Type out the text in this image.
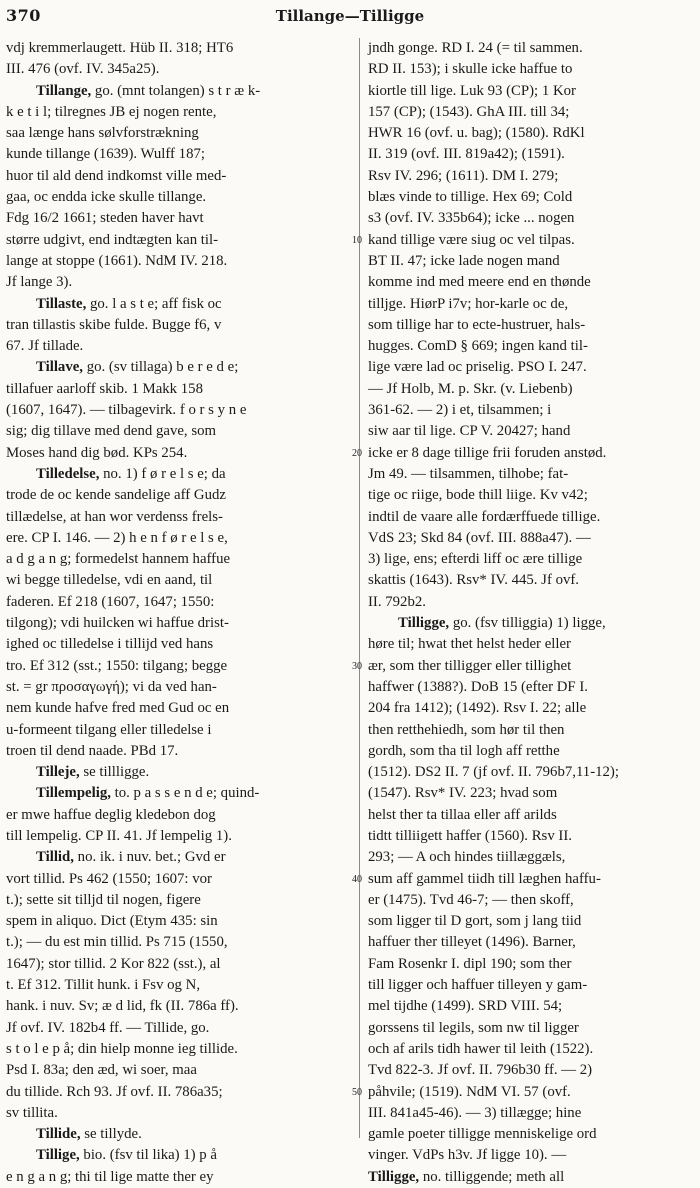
370	Tillange—Tilligge
vdj kremmerlaugett. Hüb II. 318; HT6
III. 476 (ovf. IV. 345a25).
Tillange, go. (mnt tolangen) s t r æ k-
k e t i l; tilregnes JB ej nogen rente,
saa længe hans sølvforstrækning
kunde tillange (1639). Wulff 187;
huor til ald dend indkomst ville med-
gaa, oc endda icke skulle tillange.
Fdg 16/2 1661; steden haver havt
større udgivt, end indtægten kan til-
lange at stoppe (1661). NdM IV. 218.
Jf lange 3).
Tillaste, go. l a s t e; aff fisk oc
tran tillastis skibe fulde. Bugge f6, v
67. Jf tillade.
Tillave, go. (sv tillaga) b e r e d e;
tillafuer aarloff skib. 1 Makk 158
(1607, 1647). — tilbagevirk. f o r s y n e
sig; dig tillave med dend gave, som
Moses hand dig bød. KPs 254.
Tilledelse, no. 1) f ø r e l s e; da
trode de oc kende sandelige aff Gudz
tillædelse, at han wor verdenss frels-
ere. CP I. 146. — 2) h e n f ø r e l s e,
a d g a n g; formedelst hannem haffue
wi begge tilledelse, vdi en aand, til
faderen. Ef 218 (1607, 1647; 1550:
tilgong); vdi huilcken wi haffue drist-
ighed oc tilledelse i tillijd ved hans
tro. Ef 312 (sst.; 1550: tilgang; begge
st. = gr προσαγωγή); vi da ved han-
nem kunde hafve fred med Gud oc en
u-formeent tilgang eller tilledelse i
troen til dend naade. PBd 17.
Tilleje, se tillligge.
Tillempelig, to. p a s s e n d e; quind-
er mwe haffue deglig kledebon dog
till lempelig. CP II. 41. Jf lempelig 1).
Tillid, no. ik. i nuv. bet.; Gvd er
vort tillid. Ps 462 (1550; 1607: vor
t.); sette sit tilljd til nogen, figere
spem in aliquo. Dict (Etym 435: sin
t.); — du est min tillid. Ps 715 (1550,
1647); stor tillid. 2 Kor 822 (sst.), al
t. Ef 312. Tillit hunk. i Fsv og N,
hank. i nuv. Sv; æ d lid, fk (II. 786a ff).
Jf ovf. IV. 182b4 ff. — Tillide, go.
s t o l e p å; din hielp monne ieg tillide.
Psd I. 83a; den æd, wi soer, maa
du tillide. Rch 93. Jf ovf. II. 786a35;
sv tillita.
Tillide, se tillyde.
Tillige, bio. (fsv til lika) 1) p å
e n g a n g; thi til lige matte ther ey
jndh gonge. RD I. 24 (= til sammen.
RD II. 153); i skulle icke haffue to
kiortle till lige. Luk 93 (CP); 1 Kor
157 (CP); (1543). GhA III. till 34;
HWR 16 (ovf. u. bag); (1580). RdKl
II. 319 (ovf. III. 819a42); (1591).
Rsv IV. 296; (1611). DM I. 279;
blæs vinde to tillige. Hex 69; Cold
s3 (ovf. IV. 335b64); icke ... nogen
kand tillige være siug oc vel tilpas.
BT II. 47; icke lade nogen mand
komme ind med meere end en thønde
tilljge. HiørP i7v; hor-karle oc de,
som tillige har to ecte-hustruer, hals-
hugges. ComD § 669; ingen kand til-
lige være lad oc priselig. PSO I. 247.
— Jf Holb, M. p. Skr. (v. Liebenb)
361-62. — 2) i et, tilsammen; i
siw aar til lige. CP V. 20427; hand
icke er 8 dage tillige frii foruden anstød.
Jm 49. — tilsammen, tilhobe; fat-
tige oc riige, bode thill liige. Kv v42;
indtil de vaare alle fordærffuede tillige.
VdS 23; Skd 84 (ovf. III. 888a47). —
3) lige, ens; efterdi liff oc ære tillige
skattis (1643). Rsv* IV. 445. Jf ovf.
II. 792b2.
Tilligge, go. (fsv tilliggia) 1) ligge,
høre til; hwat thet helst heder eller
ær, som ther tilligger eller tillighet
haffwer (1388?). DoB 15 (efter DF I.
204 fra 1412); (1492). Rsv I. 22; alle
then retthehiedh, som hør til then
gordh, som tha til logh aff retthe
(1512). DS2 II. 7 (jf ovf. II. 796b7,11-12);
(1547). Rsv* IV. 223; hvad som
helst ther ta tillaa eller aff arilds
tidtt tilliigett haffer (1560). Rsv II.
293; — A och hindes tiillæggæls,
sum aff gammel tiidh till læghen haffu-
er (1475). Tvd 46-7; — then skoff,
som ligger til D gort, som j lang tiid
haffuer ther tilleyet (1496). Barner,
Fam Rosenkr I. dipl 190; som ther
till ligger och haffuer tilleyen y gam-
mel tijdhe (1499). SRD VIII. 54;
gorssens til legils, som nw til ligger
och af arils tidh hawer til leith (1522).
Tvd 822-3. Jf ovf. II. 796b30 ff. — 2)
påhvile; (1519). NdM VI. 57 (ovf.
III. 841a45-46). — 3) tillægge; hine
gamle poeter tilligge menniskelige ord
vinger. VdPs h3v. Jf ligge 10). —
Tilligge, no. tilliggende; meth all
10
20
30
40
50
